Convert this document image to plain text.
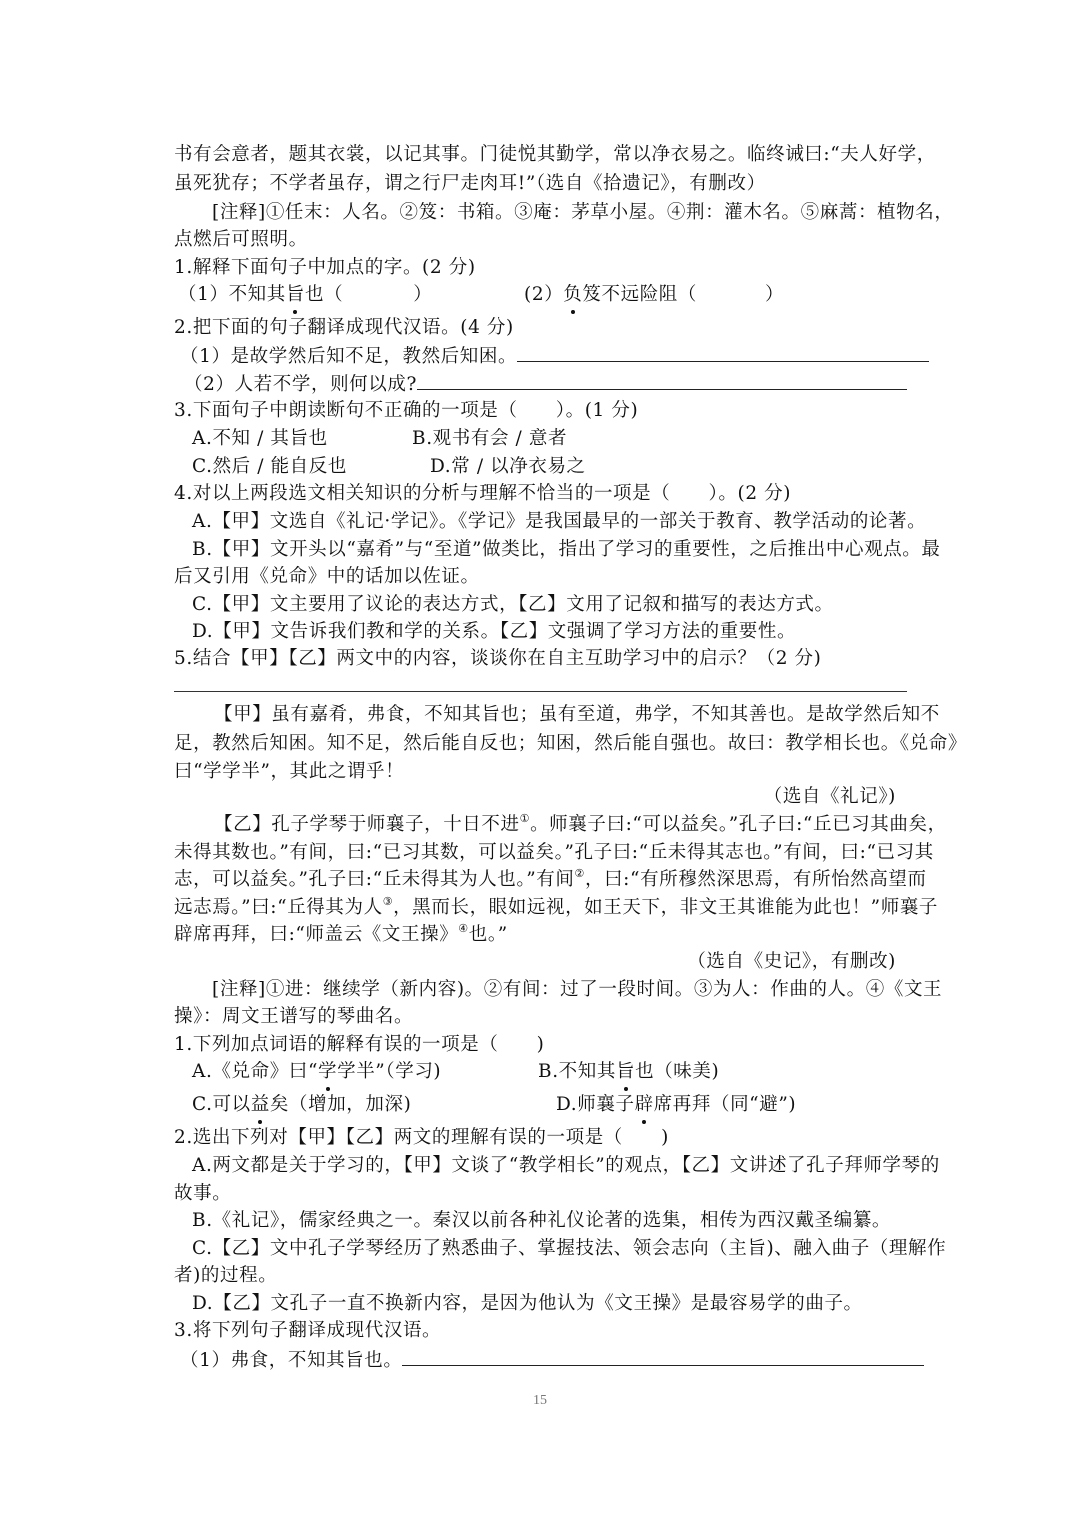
书有会意者，题其衣裳，以记其事。门徒悦其勤学，常以净衣易之。临终诫曰:“夫人好学，
虽死犹存；不学者虽存，谓之行尸走肉耳!”（选自《拾遗记》，有删改）
[注释]①任末：人名。②笈：书箱。③庵：茅草小屋。④荆：灌木名。⑤麻蒿：植物名，
点燃后可照明。
1.解释下面句子中加点的字。(2 分)
（1）不知其旨也（	）	(2）负笈不远险阻（	）
2.把下面的句子翻译成现代汉语。(4 分)
（1）是故学然后知不足，教然后知困。
（2）人若不学，则何以成?
3.下面句子中朗读断句不正确的一项是（　　）。(1 分)
A.不知 / 其旨也	B.观书有会 / 意者
C.然后 / 能自反也	D.常 / 以净衣易之
4.对以上两段选文相关知识的分析与理解不恰当的一项是（　　）。(2 分)
A.【甲】文选自《礼记·学记》。《学记》是我国最早的一部关于教育、教学活动的论著。
B.【甲】文开头以“嘉肴”与“至道”做类比，指出了学习的重要性，之后推出中心观点。最
后又引用《兑命》中的话加以佐证。
C.【甲】文主要用了议论的表达方式，【乙】文用了记叙和描写的表达方式。
D.【甲】文告诉我们教和学的关系。【乙】文强调了学习方法的重要性。
5.结合【甲】【乙】两文中的内容，谈谈你在自主互助学习中的启示？（2 分)
【甲】虽有嘉肴，弗食，不知其旨也；虽有至道，弗学，不知其善也。是故学然后知不
足，教然后知困。知不足，然后能自反也；知困，然后能自强也。故曰：教学相长也。《兑命》
曰“学学半”，其此之谓乎！
（选自《礼记》)
【乙】孔子学琴于师襄子，十日不进①。师襄子曰:“可以益矣。”孔子曰:“丘已习其曲矣，
未得其数也。”有间，曰:“已习其数，可以益矣。”孔子曰:“丘未得其志也。”有间，曰:“已习其
志，可以益矣。”孔子曰:“丘未得其为人也。”有间②，曰:“有所穆然深思焉，有所怡然高望而
远志焉。”曰:“丘得其为人③，黑而长，眼如远视，如王天下，非文王其谁能为此也！”师襄子
辟席再拜，曰:“师盖云《文王操》④也。”
（选自《史记》，有删改)
[注释]①进：继续学（新内容)。②有间：过了一段时间。③为人：作曲的人。④《文王
操》：周文王谱写的琴曲名。
1.下列加点词语的解释有误的一项是（　　)
A.《兑命》曰“学学半”（学习)	B.不知其旨也（味美)
C.可以益矣（增加，加深)	D.师襄子辟席再拜（同“避”)
2.选出下列对【甲】【乙】两文的理解有误的一项是（　　)
A.两文都是关于学习的，【甲】文谈了“教学相长”的观点，【乙】文讲述了孔子拜师学琴的
故事。
B.《礼记》，儒家经典之一。秦汉以前各种礼仪论著的选集，相传为西汉戴圣编纂。
C.【乙】文中孔子学琴经历了熟悉曲子、掌握技法、领会志向（主旨)、融入曲子（理解作
者)的过程。
D.【乙】文孔子一直不换新内容，是因为他认为《文王操》是最容易学的曲子。
3.将下列句子翻译成现代汉语。
（1）弗食，不知其旨也。
15
